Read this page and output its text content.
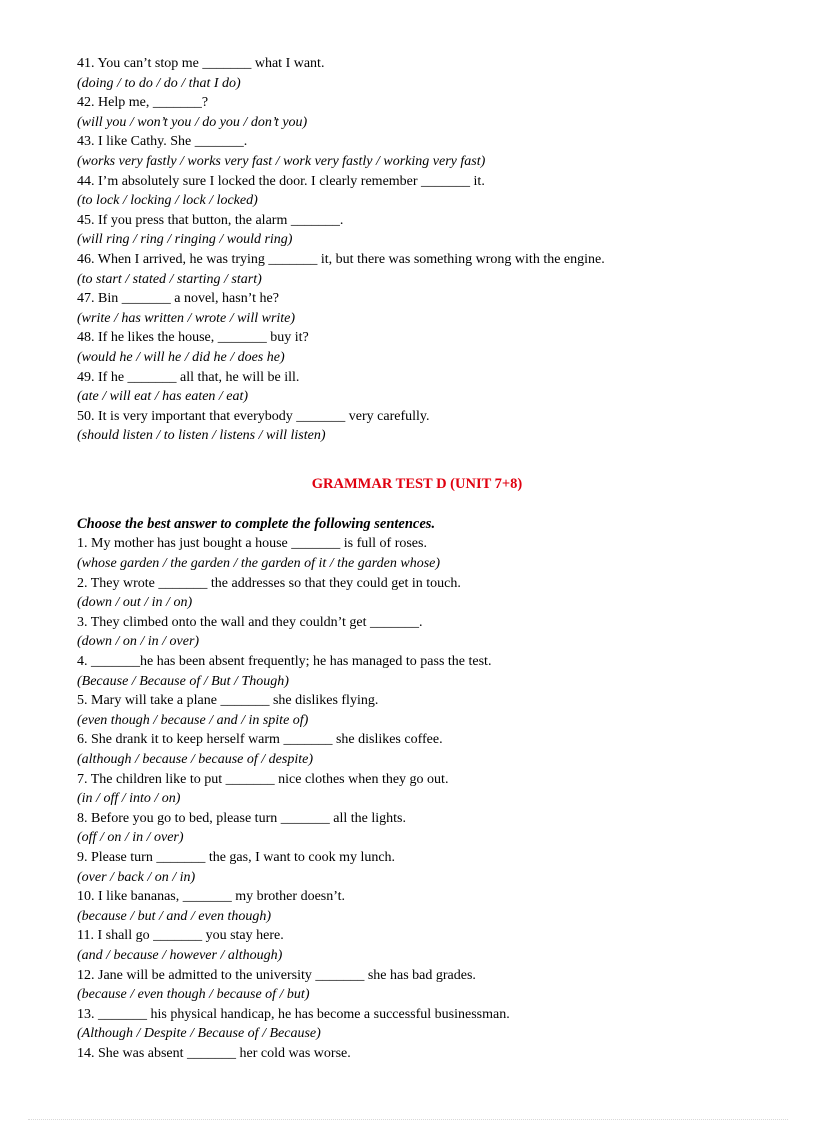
41. You can’t stop me _______ what I want.
(doing / to do / do / that I do)
42. Help me, _______?
(will you / won’t you / do you / don’t you)
43. I like Cathy. She _______.
(works very fastly / works very fast / work very fastly / working very fast)
44. I’m absolutely sure I locked the door. I clearly remember _______ it.
(to lock / locking / lock / locked)
45. If you press that button, the alarm _______.
(will ring / ring / ringing / would ring)
46. When I arrived, he was trying _______ it, but there was something wrong with the engine.
(to start / stated / starting / start)
47. Bin _______ a novel, hasn’t he?
(write / has written / wrote / will write)
48. If he likes the house, _______ buy it?
(would he / will he / did he / does he)
49. If he _______ all that, he will be ill.
(ate / will eat / has eaten / eat)
50. It is very important that everybody _______ very carefully.
(should listen / to listen / listens / will listen)
GRAMMAR TEST D (UNIT 7+8)
Choose the best answer to complete the following sentences.
1. My mother has just bought a house _______ is full of roses.
(whose garden / the garden / the garden of it / the garden whose)
2. They wrote _______ the addresses so that they could get in touch.
(down / out / in / on)
3. They climbed onto the wall and they couldn’t get _______.
(down / on / in / over)
4. _______he has been absent frequently; he has managed to pass the test.
(Because / Because of / But / Though)
5. Mary will take a plane _______ she dislikes flying.
(even though / because / and / in spite of)
6. She drank it to keep herself warm _______ she dislikes coffee.
(although / because / because of / despite)
7. The children like to put _______ nice clothes when they go out.
(in / off / into / on)
8. Before you go to bed, please turn _______ all the lights.
(off / on / in / over)
9. Please turn _______ the gas, I want to cook my lunch.
(over / back / on / in)
10. I like bananas, _______ my brother doesn’t.
(because / but / and / even though)
11. I shall go _______ you stay here.
(and / because / however / although)
12. Jane will be admitted to the university _______ she has bad grades.
(because / even though / because of / but)
13. _______ his physical handicap, he has become a successful businessman.
(Although / Despite / Because of / Because)
14. She was absent _______ her cold was worse.
